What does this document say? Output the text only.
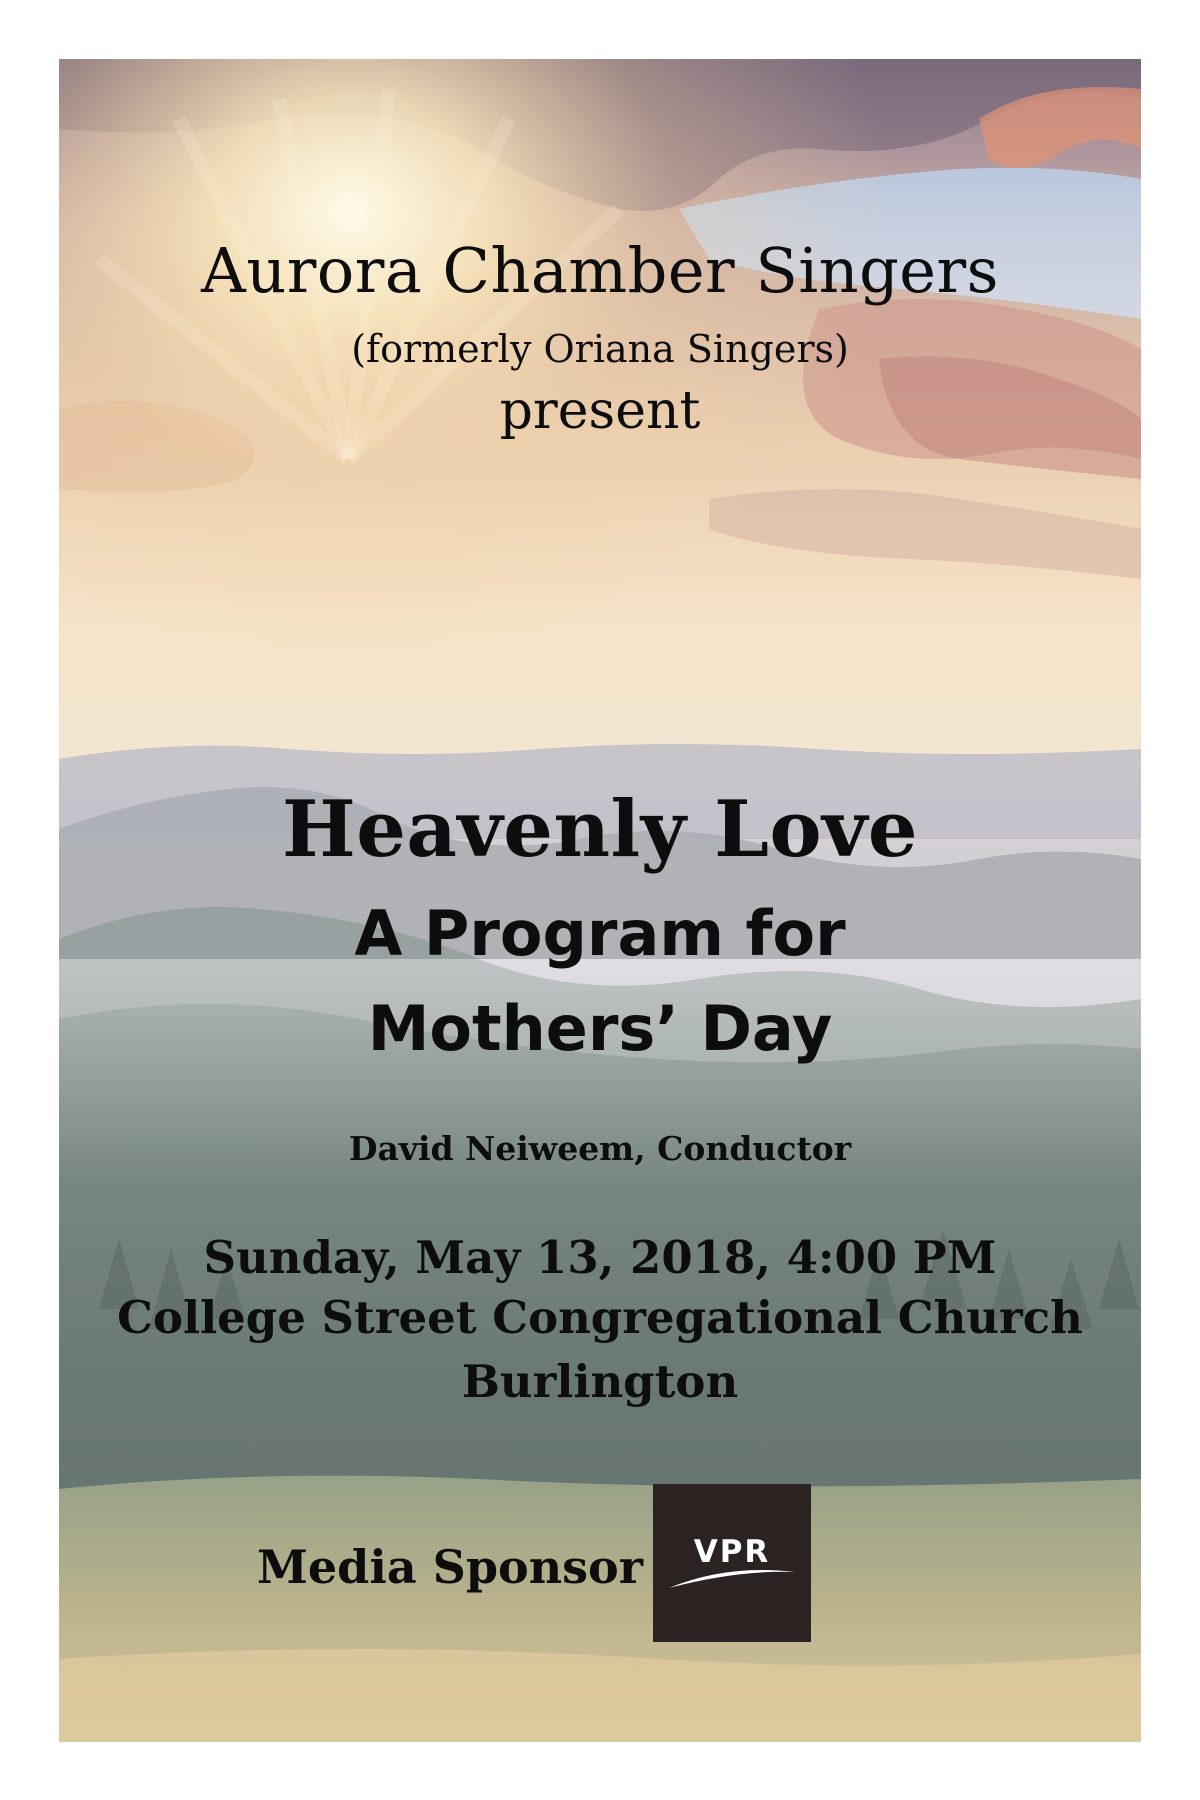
Aurora Chamber Singers
(formerly Oriana Singers)
present
Heavenly Love
A Program for
Mothers’ Day
David Neiweem, Conductor
Sunday, May 13, 2018, 4:00 PM
College Street Congregational Church
Burlington
Media Sponsor	VPR
